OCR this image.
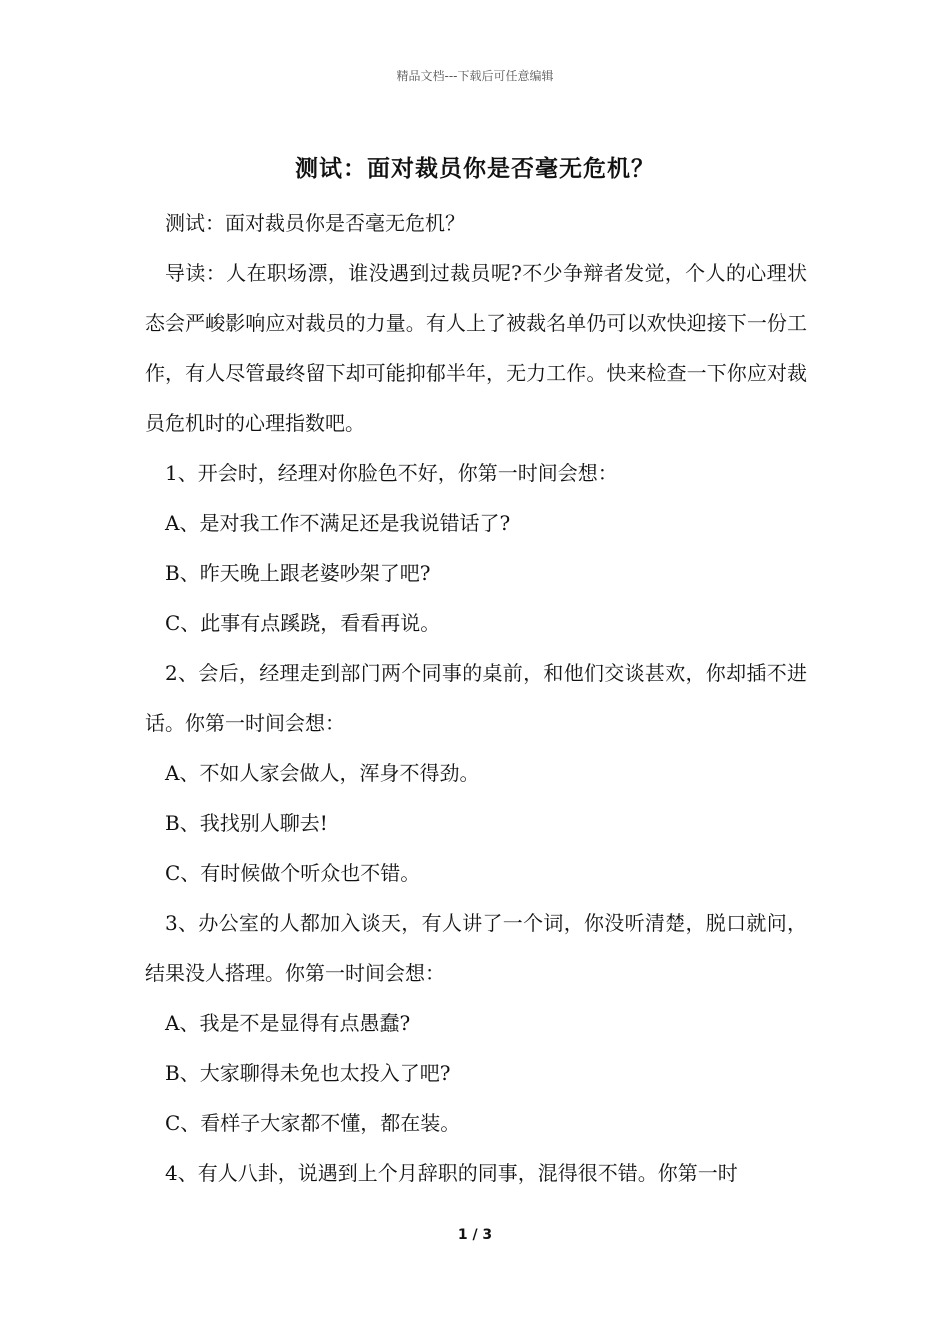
精品文档---下载后可任意编辑
测试：面对裁员你是否毫无危机？

测试：面对裁员你是否毫无危机？

导读：人在职场漂，谁没遇到过裁员呢?不少争辩者发觉，个人的心理状态会严峻影响应对裁员的力量。有人上了被裁名单仍可以欢快迎接下一份工作，有人尽管最终留下却可能抑郁半年，无力工作。快来检查一下你应对裁员危机时的心理指数吧。

1、开会时，经理对你脸色不好，你第一时间会想：

A、是对我工作不满足还是我说错话了?

B、昨天晚上跟老婆吵架了吧?

C、此事有点蹊跷，看看再说。

2、会后，经理走到部门两个同事的桌前，和他们交谈甚欢，你却插不进话。你第一时间会想：

A、不如人家会做人，浑身不得劲。

B、我找别人聊去!

C、有时候做个听众也不错。

3、办公室的人都加入谈天，有人讲了一个词，你没听清楚，脱口就问，结果没人搭理。你第一时间会想：

A、我是不是显得有点愚蠢?

B、大家聊得未免也太投入了吧?

C、看样子大家都不懂，都在装。

4、有人八卦，说遇到上个月辞职的同事，混得很不错。你第一时

1 / 3
